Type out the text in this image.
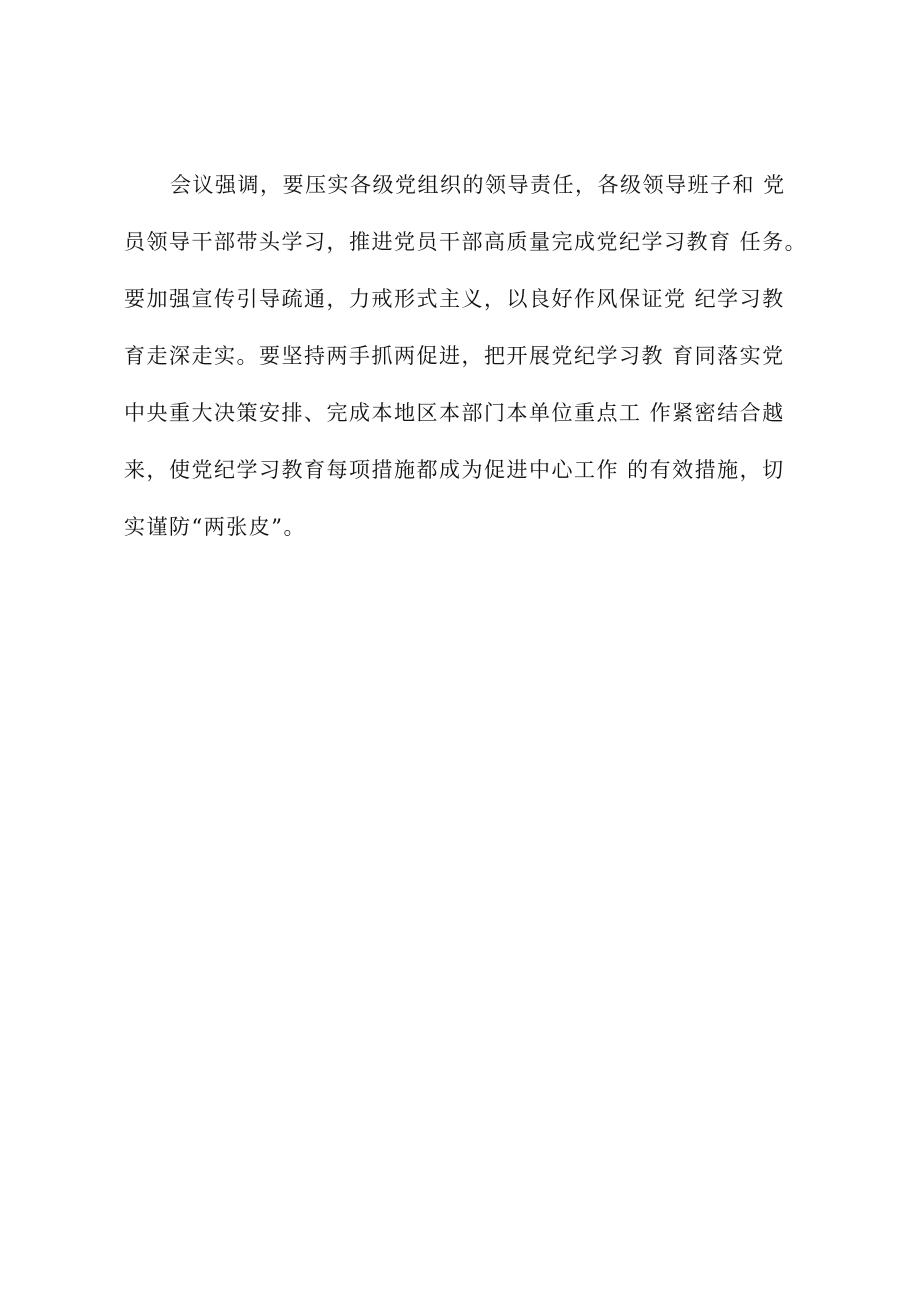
会议强调，要压实各级党组织的领导责任，各级领导班子和 党
员领导干部带头学习，推进党员干部高质量完成党纪学习教育 任务。
要加强宣传引导疏通，力戒形式主义，以良好作风保证党 纪学习教
育走深走实。要坚持两手抓两促进，把开展党纪学习教 育同落实党
中央重大决策安排、完成本地区本部门本单位重点工 作紧密结合越
来，使党纪学习教育每项措施都成为促进中心工作 的有效措施，切
实谨防“两张皮”。
